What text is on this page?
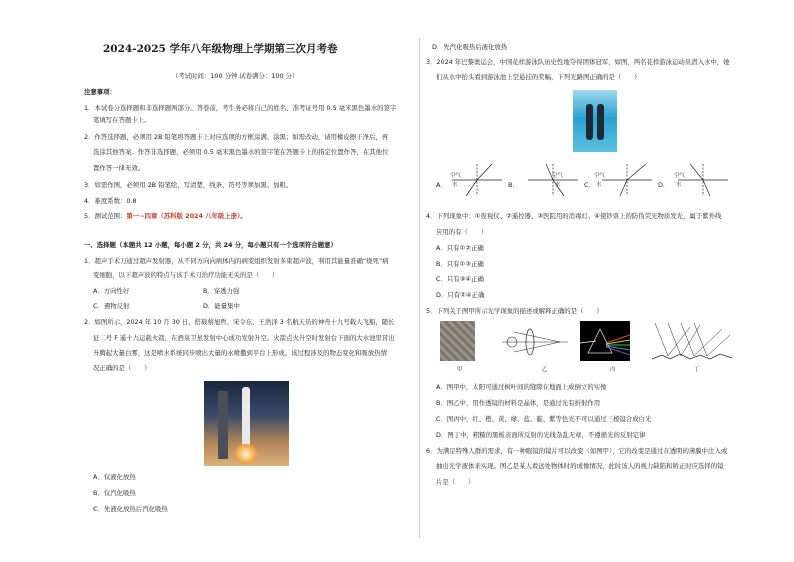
2024-2025 学年八年级物理上学期第三次月考卷
（考试时间：100 分钟 试卷满分：100 分）
注意事项：
1．本试卷分选择题和非选择题两部分。答卷前，考生务必将自己的姓名、准考证号用 0.5 毫米黑色墨水的签字
笔填写在答题卡上。
2．作答选择题，必须用 2B 铅笔将答题卡上对应选项的方框涂满、涂黑；如需改动，请用橡皮擦干净后，再
选涂其他答案。作答非选择题，必须用 0.5 毫米黑色墨水的签字笔在答题卡上的指定位置作答，在其他位
置作答一律无效。
3．如需作图，必须用 2B 铅笔绘、写清楚，线条、符号等须加黑、加粗。
4．难度系数：0.8
5．测试范围：第一~四章（苏科版 2024 八年级上册）。
一、选择题（本题共 12 小题，每小题 2 分，共 24 分，每小题只有一个选项符合题意）
1．超声手术刀通过超声发射器，从不同方向向病体内的病变组织发射多束超声波，利用其能量准确“烧死”病
变细胞，以下超声波的特点与该手术刀治疗功能无关的是（　　）
A．方向性好	B．穿透力强
C．遇物反射	D．能量集中
2．如图所示，2024 年 10 月 30 日，搭载蔡旭哲、宋令东、王浩泽 3 名航天员的神舟十九号载人飞船，随长
征二号 F 遥十九运载火箭，在酒泉卫星发射中心成功发射升空。火箭点火升空时发射台下面的大水池里冒出
升腾起大量白雾，这是喷水系统同步喷出大量的水喷撒到平台上形成。该过程涉及的物态变化和吸放热情
况正确的是（　　）
A．仅液化放热
B．仅汽化吸热
C．先液化放热后汽化吸热
D．先汽化吸热后液化放热
3．2024 年巴黎奥运会，中国花样游泳队历史性地夺得团体冠军，如图，两名花样游泳运动员潜入水中，她
们从水中抬头看到游泳池上空悬挂的奖幅，下列光路图正确的是（　　）
A．	B．	C．	D．
空气
水
空气
水
空气
水
空气
水
4．下列现象中：①夜视仪、②遥控器、③医院用的消毒灯、④使钞票上的防伪荧光物质发光，属于紫外线
应用的有（　　）
A．只有①②正确
B．只有①③正确
C．只有③④正确
D．只有②④正确
5．下列关于图甲所示光学现象的描述或解释正确的是（　　）
甲	乙	丙	丁
A．图甲中，太阳可通过树叶间的缝隙在地面上成倒立的实像
B．图乙中，用作透镜的材料是晶体，是通过光有折射作用
C．图丙中，红、橙、黄、绿、蓝、靛、紫等色光不可以通过三棱镜合成白光
D．图丁中，粗糙的黑板表面所反射的光线杂乱无章，不遵循光的反射定律
6．为满足特殊人群的需求，有一种眼镜的镜片可以改变（如图甲），它的改变是通过在透明的薄膜中注入或
抽出光学液体来实现。图乙是某人看远处物体时的成像情况，此时该人的视力缺陷和矫正时应选择的镜
片是（　　）
